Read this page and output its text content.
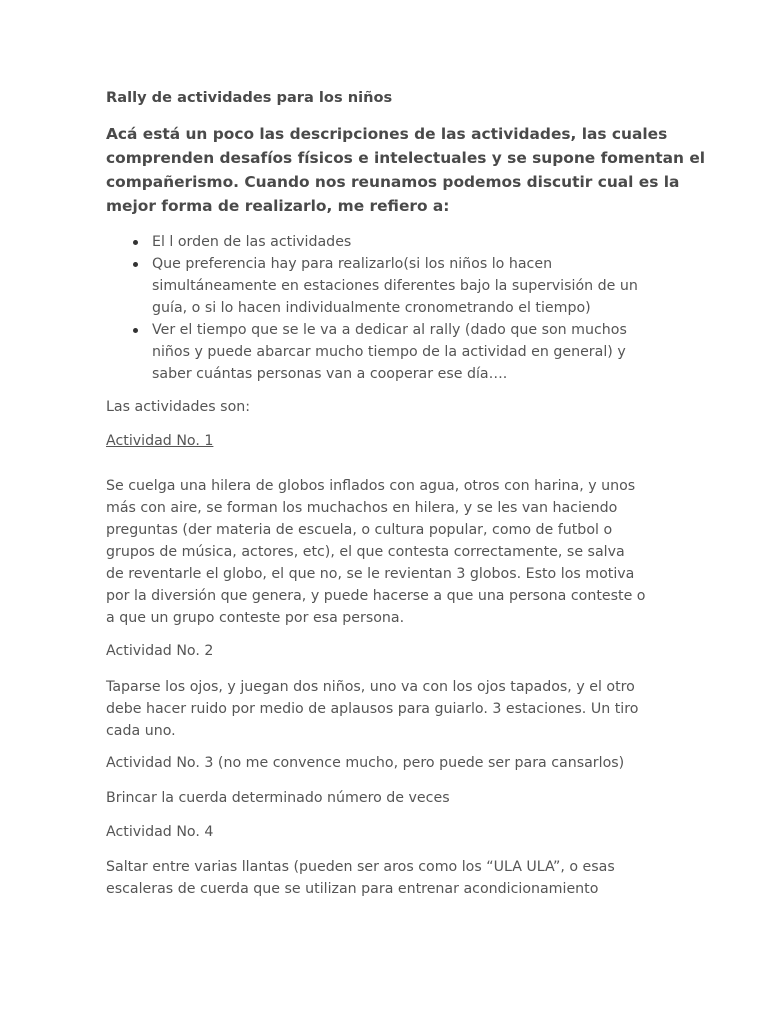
Rally de actividades para los niños
Acá está un poco las descripciones de las actividades, las cuales
comprenden desafíos físicos e intelectuales y se supone fomentan el
compañerismo. Cuando nos reunamos podemos discutir cual es la
mejor forma de realizarlo, me refiero a:
El l orden de las actividades
Que preferencia hay para realizarlo(si los niños lo hacen
simultáneamente en estaciones diferentes bajo la supervisión de un
guía, o si lo hacen individualmente cronometrando el tiempo)
Ver el tiempo que se le va a dedicar al rally (dado que son muchos
niños y puede abarcar mucho tiempo de la actividad en general) y
saber cuántas personas van a cooperar ese día….
Las actividades son:
Actividad No. 1
Se cuelga una hilera de globos inflados con agua, otros con harina, y unos
más con aire, se forman los muchachos en hilera, y se les van haciendo
preguntas (der materia de escuela, o cultura popular, como de futbol o
grupos de música, actores, etc), el que contesta correctamente, se salva
de reventarle el globo, el que no, se le revientan 3 globos. Esto los motiva
por la diversión que genera, y puede hacerse a que una persona conteste o
a que un grupo conteste por esa persona.
Actividad No. 2
Taparse los ojos, y juegan dos niños, uno va con los ojos tapados, y el otro
debe hacer ruido por medio de aplausos para guiarlo. 3 estaciones. Un tiro
cada uno.
Actividad No. 3 (no me convence mucho, pero puede ser para cansarlos)
Brincar la cuerda determinado número de veces
Actividad No. 4
Saltar entre varias llantas (pueden ser aros como los “ULA ULA”, o esas
escaleras de cuerda que se utilizan para entrenar acondicionamiento
